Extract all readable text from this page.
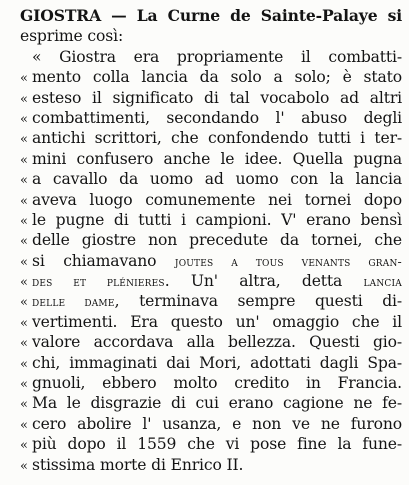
GIOSTRA — La Curne de Sainte-Palaye si
esprime così:
« Giostra era propriamente il combatti-
« mento colla lancia da solo a solo; è stato
« esteso il significato di tal vocabolo ad altri
« combattimenti, secondando l' abuso degli
« antichi scrittori, che confondendo tutti i ter-
« mini confusero anche le idee. Quella pugna
« a cavallo da uomo ad uomo con la lancia
« aveva luogo comunemente nei tornei dopo
« le pugne di tutti i campioni. V' erano bensì
« delle giostre non precedute da tornei, che
« si chiamavano joutes a tous venants gran-
« des et plénieres. Un' altra, detta lancia
« delle dame, terminava sempre questi di-
« vertimenti. Era questo un' omaggio che il
« valore accordava alla bellezza. Questi gio-
« chi, immaginati dai Mori, adottati dagli Spa-
« gnuoli, ebbero molto credito in Francia.
« Ma le disgrazie di cui erano cagione ne fe-
« cero abolire l' usanza, e non ve ne furono
« più dopo il 1559 che vi pose fine la fune-
« stissima morte di Enrico II.
